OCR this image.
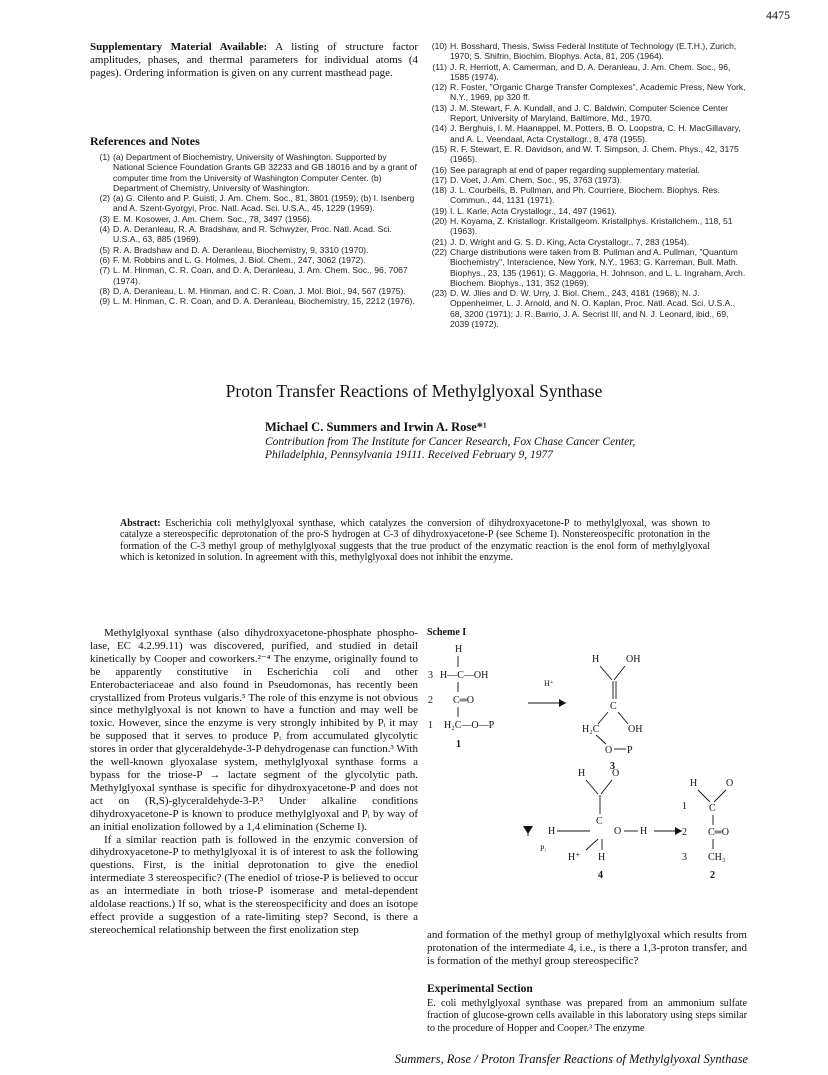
4475
Supplementary Material Available: A listing of structure factor amplitudes, phases, and thermal parameters for individual atoms (4 pages). Ordering information is given on any current masthead page.
References and Notes
(1) (a) Department of Biochemistry, University of Washington. Supported by National Science Foundation Grants GB 32233 and GB 18016 and by a grant of computer time from the University of Washington Computer Center. (b) Department of Chemistry, University of Washington.
(2) (a) G. Cilento and P. Guisti, J. Am. Chem. Soc., 81, 3801 (1959); (b) I. Isenberg and A. Szent-Gyorgyi, Proc. Natl. Acad. Sci. U.S.A., 45, 1229 (1959).
(3) E. M. Kosower, J. Am. Chem. Soc., 78, 3497 (1956).
(4) D. A. Deranleau, R. A. Bradshaw, and R. Schwyzer, Proc. Natl. Acad. Sci. U.S.A., 63, 885 (1969).
(5) R. A. Bradshaw and D. A. Deranleau, Biochemistry, 9, 3310 (1970).
(6) F. M. Robbins and L. G. Holmes, J. Biol. Chem., 247, 3062 (1972).
(7) L. M. Hinman, C. R. Coan, and D. A. Deranleau, J. Am. Chem. Soc., 96, 7067 (1974).
(8) D. A. Deranleau, L. M. Hinman, and C. R. Coan, J. Mol. Biol., 94, 567 (1975).
(9) L. M. Hinman, C. R. Coan, and D. A. Deranleau, Biochemistry, 15, 2212 (1976).
(10) H. Bosshard, Thesis, Swiss Federal Institute of Technology (E.T.H.), Zurich, 1970; S. Shifrin, Biochim. Biophys. Acta, 81, 205 (1964).
(11) J. R. Herriott, A. Camerman, and D. A. Deranleau, J. Am. Chem. Soc., 96, 1585 (1974).
(12) R. Foster, "Organic Charge Transfer Complexes", Academic Press, New York, N.Y., 1969, pp 320 ff.
(13) J. M. Stewart, F. A. Kundall, and J. C. Baldwin, Computer Science Center Report, University of Maryland, Baltimore, Md., 1970.
(14) J. Berghuis, I. M. Haanappel, M. Potters, B. O. Loopstra, C. H. MacGillavary, and A. L. Veendaal, Acta Crystallogr., 8, 478 (1955).
(15) R. F. Stewart, E. R. Davidson, and W. T. Simpson, J. Chem. Phys., 42, 3175 (1965).
(16) See paragraph at end of paper regarding supplementary material.
(17) D. Voet, J. Am. Chem. Soc., 95, 3763 (1973).
(18) J. L. Courbeils, B. Pullman, and Ph. Courriere, Biochem. Biophys. Res. Commun., 44, 1131 (1971).
(19) I. L. Karle, Acta Crystallogr., 14, 497 (1961).
(20) H. Koyama, Z. Kristallogr. Kristallgeom. Kristallphys. Kristallchem., 118, 51 (1963).
(21) J. D. Wright and G. S. D. King, Acta Crystallogr., 7, 283 (1954).
(22) Charge distributions were taken from B. Pullman and A. Pullman, "Quantum Biochemistry", Interscience, New York, N.Y., 1963; G. Karreman, Bull. Math. Biophys., 23, 135 (1961); G. Maggoria, H. Johnson, and L. L. Ingraham, Arch. Biochem. Biophys., 131, 352 (1969).
(23) D. W. Jlies and D. W. Urry, J. Biol. Chem., 243, 4181 (1968); N. J. Oppenheimer, L. J. Arnold, and N. O. Kaplan, Proc. Natl. Acad. Sci. U.S.A., 68, 3200 (1971); J. R. Barrio, J. A. Secrist III, and N. J. Leonard, ibid., 69, 2039 (1972).
Proton Transfer Reactions of Methylglyoxal Synthase
Michael C. Summers and Irwin A. Rose*¹
Contribution from The Institute for Cancer Research, Fox Chase Cancer Center,
Philadelphia, Pennsylvania 19111. Received February 9, 1977
Abstract: Escherichia coli methylglyoxal synthase, which catalyzes the conversion of dihydroxyacetone-P to methylglyoxal, was shown to catalyze a stereospecific deprotonation of the pro-S hydrogen at C-3 of dihydroxyacetone-P (see Scheme I). Nonstereospecific protonation in the formation of the C-3 methyl group of methylglyoxal suggests that the true product of the enzymatic reaction is the enol form of methylglyoxal which is ketonized in solution. In agreement with this, methylglyoxal does not inhibit the enzyme.

Methylglyoxal synthase (also dihydroxyacetone-phosphate phospho-lase, EC 4.2.99.11) was discovered, purified, and studied in detail kinetically by Cooper and coworkers.²⁻⁴ The enzyme, originally found to be apparently constitutive in Escherichia coli and other Enterobacteriaceae and also found in Pseudomonas, has recently been crystallized from Proteus vulgaris.⁵ The role of this enzyme is not obvious since methylglyoxal is not known to have a function and may well be toxic. However, since the enzyme is very strongly inhibited by Pᵢ it may be supposed that it serves to produce Pᵢ from accumulated glycolytic stores in order that glyceraldehyde-3-P dehydrogenase can function.³ With the well-known glyoxalase system, methylglyoxal synthase forms a bypass for the triose-P → lactate segment of the glycolytic path. Methylglyoxal synthase is specific for dihydroxyacetone-P and does not act on (R,S)-glyceraldehyde-3-P.³ Under alkaline conditions dihydroxyacetone-P is known to produce methylglyoxal and Pᵢ by way of an initial enolization followed by a 1,4 elimination (Scheme I).

If a similar reaction path is followed in the enzymic conversion of dihydroxyacetone-P to methylglyoxal it is of interest to ask the following questions. First, is the initial deprotonation to give the enediol intermediate 3 stereospecific? (The enediol of triose-P is believed to occur as an intermediate in both triose-P isomerase and metal-dependent aldolase reactions.) If so, what is the stereospecificity and does an isotope effect provide a suggestion of a rate-limiting step? Second, is there a stereochemical relationship between the first enolization step

Scheme I
H
3 H—C—OH
2 C═O
1 H₂C—O—P
1
H⁺
H	OH
C
H₂C	OH
O P
3
H	O
C
H	O H
H⁺ H
4
Pᵢ
H	O
1 C
2 C═O
3 CH₃
2
and formation of the methyl group of methylglyoxal which results from protonation of the intermediate 4, i.e., is there a 1,3-proton transfer, and is formation of the methyl group stereospecific?
Experimental Section
E. coli methylglyoxal synthase was prepared from an ammonium sulfate fraction of glucose-grown cells available in this laboratory using steps similar to the procedure of Hopper and Cooper.³ The enzyme
Summers, Rose / Proton Transfer Reactions of Methylglyoxal Synthase
